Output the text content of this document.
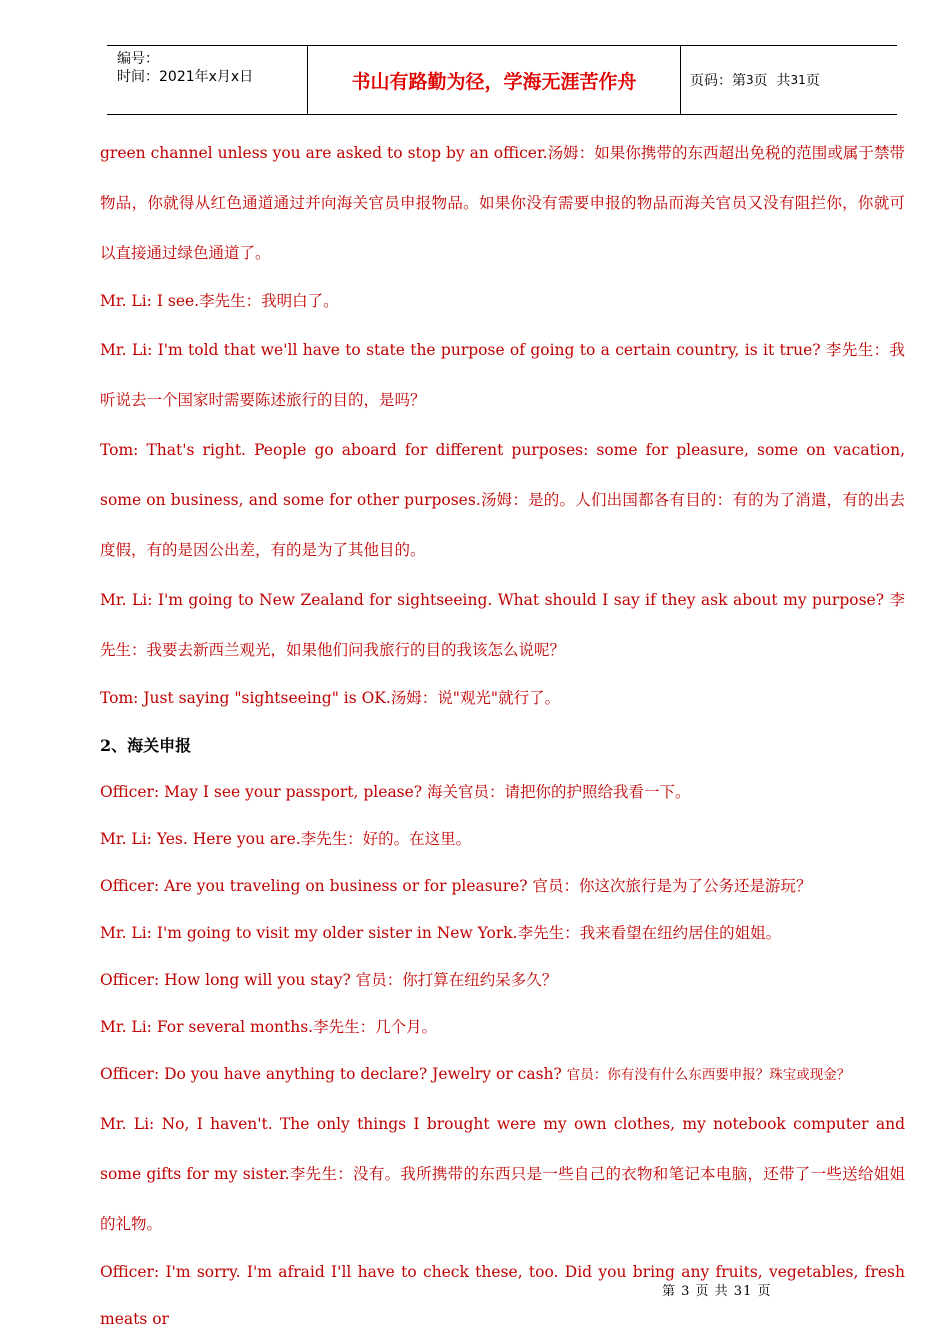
编号：
时间：2021年x月x日	书山有路勤为径，学海无涯苦作舟	页码：第 3 页  共 31 页

green channel unless you are asked to stop by an officer.汤姆：如果你携带的东西超出免税的范围或属于禁带物品，你就得从红色通道通过并向海关官员申报物品。如果你没有需要申报的物品而海关官员又没有阻拦你，你就可以直接通过绿色通道了。

Mr. Li: I see.李先生：我明白了。

Mr. Li: I'm told that we'll have to state the purpose of going to a certain country, is it true? 李先生：我听说去一个国家时需要陈述旅行的目的，是吗？

Tom: That's right. People go aboard for different purposes: some for pleasure, some on vacation, some on business, and some for other purposes.汤姆：是的。人们出国都各有目的：有的为了消遣，有的出去度假，有的是因公出差，有的是为了其他目的。

Mr. Li: I'm going to New Zealand for sightseeing. What should I say if they ask about my purpose? 李先生：我要去新西兰观光，如果他们问我旅行的目的我该怎么说呢？

Tom: Just saying "sightseeing" is OK.汤姆：说"观光"就行了。

2、海关申报

Officer: May I see your passport, please? 海关官员：请把你的护照给我看一下。

Mr. Li: Yes. Here you are.李先生：好的。在这里。

Officer: Are you traveling on business or for pleasure? 官员：你这次旅行是为了公务还是游玩？

Mr. Li: I'm going to visit my older sister in New York.李先生：我来看望在纽约居住的姐姐。

Officer: How long will you stay? 官员：你打算在纽约呆多久？

Mr. Li: For several months.李先生：几个月。

Officer: Do you have anything to declare? Jewelry or cash? 官员：你有没有什么东西要申报？珠宝或现金？

Mr. Li: No, I haven't. The only things I brought were my own clothes, my notebook computer and some gifts for my sister.李先生：没有。我所携带的东西只是一些自己的衣物和笔记本电脑，还带了一些送给姐姐的礼物。

Officer: I'm sorry. I'm afraid I'll have to check these, too. Did you bring any fruits, vegetables, fresh meats or

第 3 页 共 31 页
